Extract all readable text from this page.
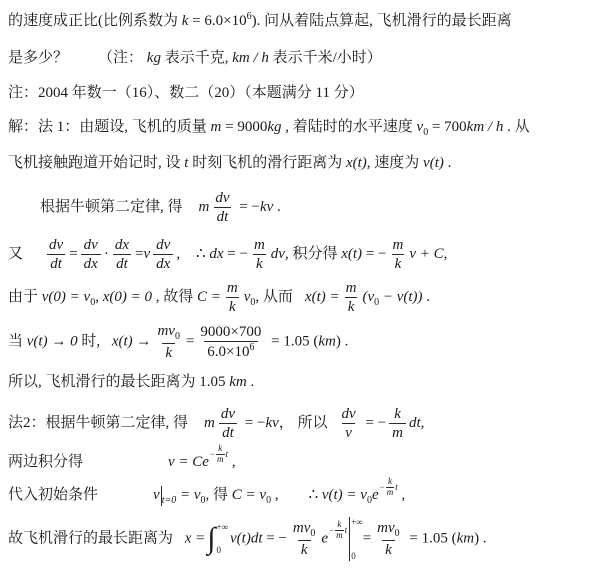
的速度成正比(比例系数为 $k = 6.0\times 10^6$). 问从着陆点算起, 飞机滑行的最长距离
是多少？ （注： kg 表示千克, km / h 表示千米/小时）
注：2004 年数一（16）、数二（20）（本题满分 11 分）
解：法 1：由题设, 飞机的质量 m = 9000kg , 着陆时的水平速度 $v_0 = 700km / h$ . 从
飞机接触跑道开始记时, 设 t 时刻飞机的滑行距离为 x(t), 速度为 v(t) .
根据牛顿第二定律, 得 m $\frac{dv}{dt} = -kv$ .
又 $\frac{dv}{dt} = \frac{dv}{dx} \cdot \frac{dx}{dt} =v \frac{dv}{dx}$ , ∴ dx = − $\frac{m}{k}$ dv, 积分得 x(t) = − $\frac{m}{k}$ v + C,
由于 $v(0) = v_0$, x(0) = 0 , 故得 $C = \frac{m}{k} v_0$, 从而 $x(t) = \frac{m}{k} (v_0 - v(t))$ .
当 v(t) → 0 时, $x(t) \to \frac{mv_0}{k} = \frac{9000\times 700}{6.0\times 10^6} = 1.05$ (km) .
所以, 飞机滑行的最长距离为 1.05 km .
法2：根据牛顿第二定律, 得 m $\frac{dv}{dt} = -kv$， 所以 $\frac{dv}{v}$ = − $\frac{k}{m}$ dt,
两边积分得	$v = Ce - \frac{k}{m}$ t ,
代入初始条件	v $_{t=0} = v_0$, 得 $C = v_0$ , ∴ $v(t) = v_0e - \frac{k}{m}$ t ,
故飞机滑行的最长距离为 x = ∫ +∞
0
v(t)dt = − $\frac{mv_0}{k}$ $e - \frac{k}{m}$ t
+∞
0
= $\frac{mv_0}{k} = 1.05$ (km) .
